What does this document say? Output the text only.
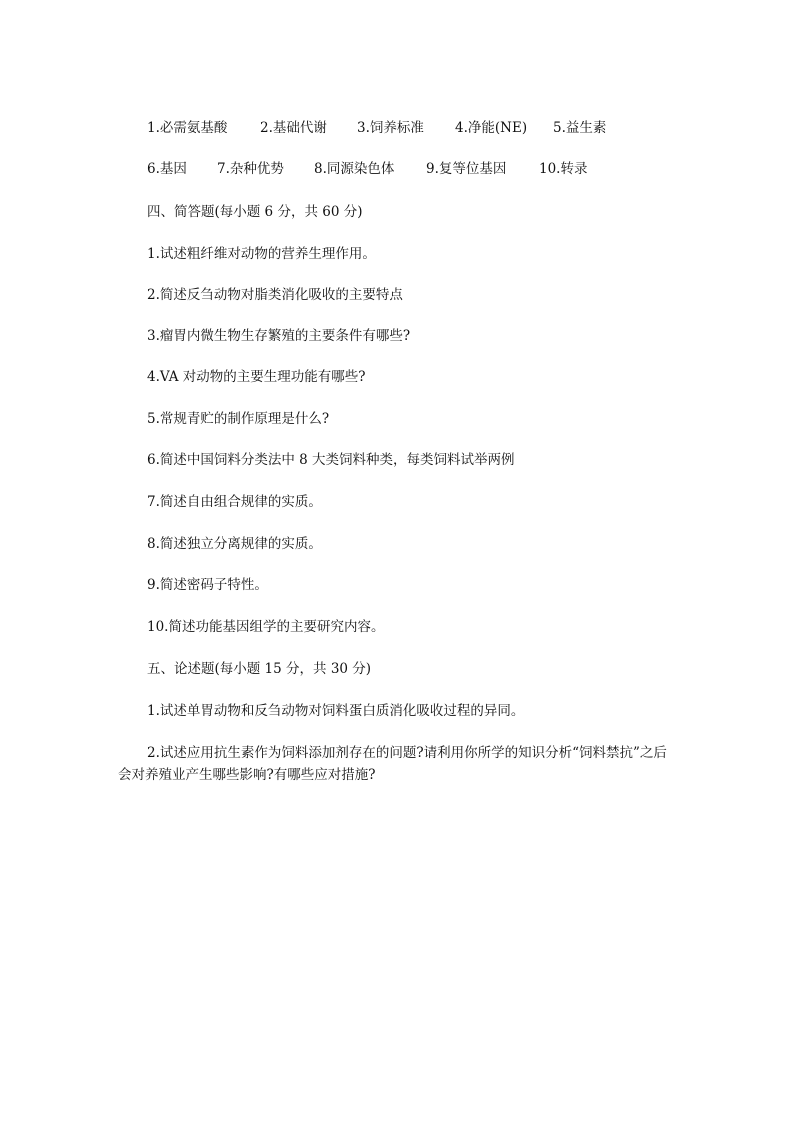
1.必需氨基酸 2.基础代谢 3.饲养标准 4.净能(NE) 5.益生素
6.基因 7.杂种优势 8.同源染色体 9.复等位基因 10.转录
四、简答题(每小题 6 分，共 60 分)
1.试述粗纤维对动物的营养生理作用。
2.简述反刍动物对脂类消化吸收的主要特点
3.瘤胃内微生物生存繁殖的主要条件有哪些?
4.VA 对动物的主要生理功能有哪些?
5.常规青贮的制作原理是什么?
6.简述中国饲料分类法中 8 大类饲料种类，每类饲料试举两例
7.简述自由组合规律的实质。
8.简述独立分离规律的实质。
9.简述密码子特性。
10.简述功能基因组学的主要研究内容。
五、论述题(每小题 15 分，共 30 分)
1.试述单胃动物和反刍动物对饲料蛋白质消化吸收过程的异同。
2.试述应用抗生素作为饲料添加剂存在的问题?请利用你所学的知识分析“饲料禁抗”之后会对养殖业产生哪些影响?有哪些应对措施?
